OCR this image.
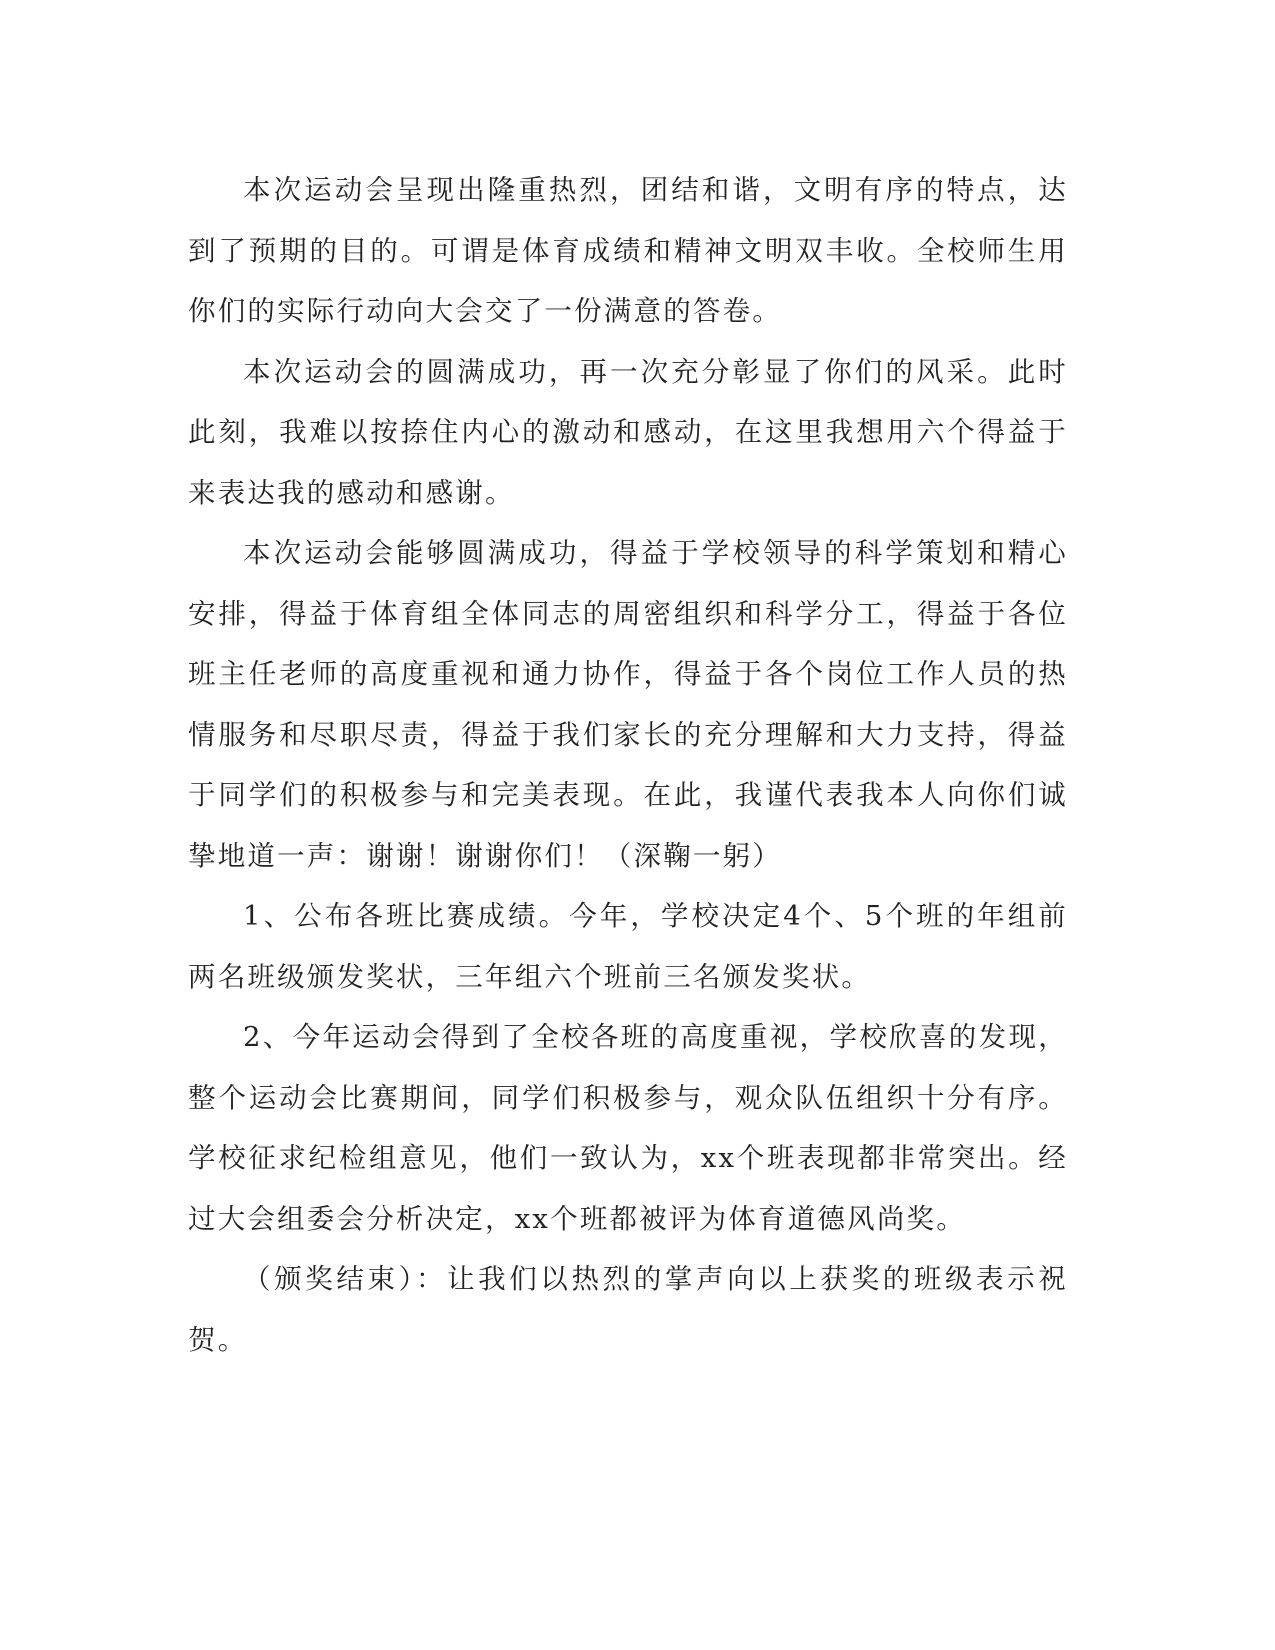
本次运动会呈现出隆重热烈，团结和谐，文明有序的特点，达到了预期的目的。可谓是体育成绩和精神文明双丰收。全校师生用你们的实际行动向大会交了一份满意的答卷。

本次运动会的圆满成功，再一次充分彰显了你们的风采。此时此刻，我难以按捺住内心的激动和感动，在这里我想用六个得益于来表达我的感动和感谢。

本次运动会能够圆满成功，得益于学校领导的科学策划和精心安排，得益于体育组全体同志的周密组织和科学分工，得益于各位班主任老师的高度重视和通力协作，得益于各个岗位工作人员的热情服务和尽职尽责，得益于我们家长的充分理解和大力支持，得益于同学们的积极参与和完美表现。在此，我谨代表我本人向你们诚挚地道一声：谢谢！谢谢你们！（深鞠一躬）

1、公布各班比赛成绩。今年，学校决定4个、5个班的年组前两名班级颁发奖状，三年组六个班前三名颁发奖状。

2、今年运动会得到了全校各班的高度重视，学校欣喜的发现，整个运动会比赛期间，同学们积极参与，观众队伍组织十分有序。学校征求纪检组意见，他们一致认为，xx个班表现都非常突出。经过大会组委会分析决定，xx个班都被评为体育道德风尚奖。

（颁奖结束）：让我们以热烈的掌声向以上获奖的班级表示祝贺。
